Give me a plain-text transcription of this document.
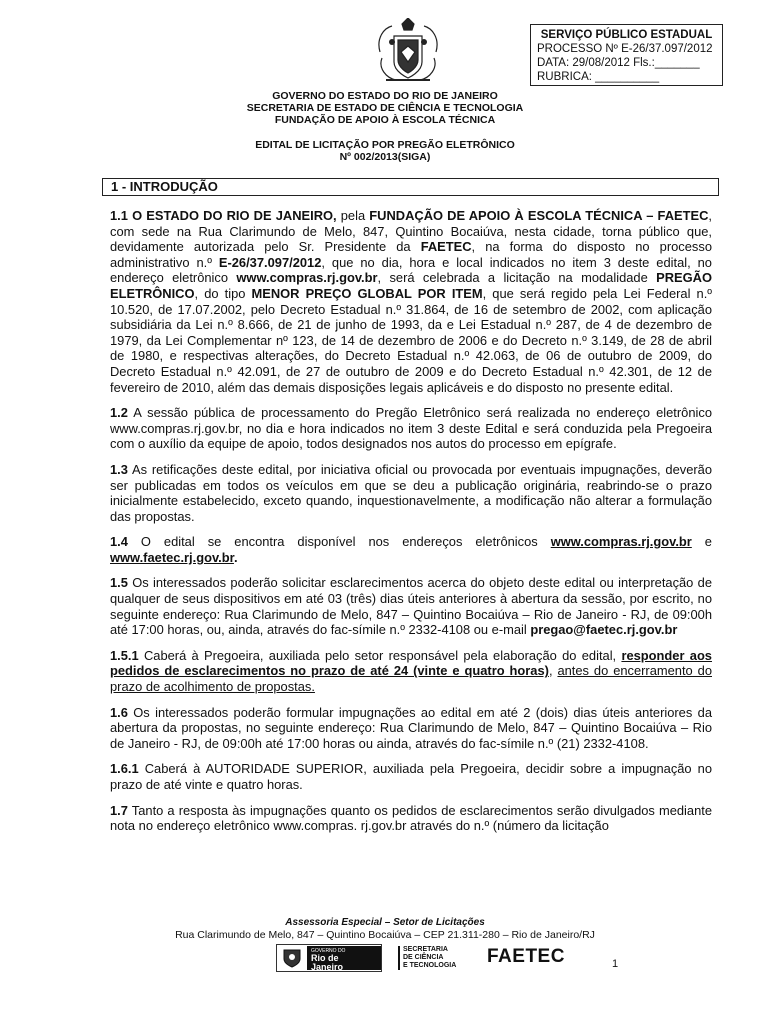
SERVIÇO PÚBLICO ESTADUAL
PROCESSO Nº E-26/37.097/2012
DATA: 29/08/2012 Fls.:_______
RUBRICA: __________
GOVERNO DO ESTADO DO RIO DE JANEIRO
SECRETARIA DE ESTADO DE CIÊNCIA E TECNOLOGIA
FUNDAÇÃO DE APOIO À ESCOLA TÉCNICA
EDITAL DE LICITAÇÃO POR PREGÃO ELETRÔNICO
Nº 002/2013(SIGA)
1 - INTRODUÇÃO

1.1 O ESTADO DO RIO DE JANEIRO, pela FUNDAÇÃO DE APOIO À ESCOLA TÉCNICA – FAETEC, com sede na Rua Clarimundo de Melo, 847, Quintino Bocaiúva, nesta cidade, torna público que, devidamente autorizada pelo Sr. Presidente da FAETEC, na forma do disposto no processo administrativo n.º E-26/37.097/2012, que no dia, hora e local indicados no item 3 deste edital, no endereço eletrônico www.compras.rj.gov.br, será celebrada a licitação na modalidade PREGÃO ELETRÔNICO, do tipo MENOR PREÇO GLOBAL POR ITEM, que será regido pela Lei Federal n.º 10.520, de 17.07.2002, pelo Decreto Estadual n.º 31.864, de 16 de setembro de 2002, com aplicação subsidiária da Lei n.º 8.666, de 21 de junho de 1993, da e Lei Estadual n.º 287, de 4 de dezembro de 1979, da Lei Complementar nº 123, de 14 de dezembro de 2006 e do Decreto n.º 3.149, de 28 de abril de 1980, e respectivas alterações, do Decreto Estadual n.º 42.063, de 06 de outubro de 2009, do Decreto Estadual n.º 42.091, de 27 de outubro de 2009 e do Decreto Estadual n.º 42.301, de 12 de fevereiro de 2010, além das demais disposições legais aplicáveis e do disposto no presente edital.

1.2 A sessão pública de processamento do Pregão Eletrônico será realizada no endereço eletrônico www.compras.rj.gov.br, no dia e hora indicados no item 3 deste Edital e será conduzida pela Pregoeira com o auxílio da equipe de apoio, todos designados nos autos do processo em epígrafe.

1.3 As retificações deste edital, por iniciativa oficial ou provocada por eventuais impugnações, deverão ser publicadas em todos os veículos em que se deu a publicação originária, reabrindo-se o prazo inicialmente estabelecido, exceto quando, inquestionavelmente, a modificação não alterar a formulação das propostas.

1.4 O edital se encontra disponível nos endereços eletrônicos www.compras.rj.gov.br e www.faetec.rj.gov.br.

1.5 Os interessados poderão solicitar esclarecimentos acerca do objeto deste edital ou interpretação de qualquer de seus dispositivos em até 03 (três) dias úteis anteriores à abertura da sessão, por escrito, no seguinte endereço: Rua Clarimundo de Melo, 847 – Quintino Bocaiúva – Rio de Janeiro - RJ, de 09:00h até 17:00 horas, ou, ainda, através do fac-símile n.º 2332-4108 ou e-mail pregao@faetec.rj.gov.br

1.5.1 Caberá à Pregoeira, auxiliada pelo setor responsável pela elaboração do edital, responder aos pedidos de esclarecimentos no prazo de até 24 (vinte e quatro horas), antes do encerramento do prazo de acolhimento de propostas.

1.6 Os interessados poderão formular impugnações ao edital em até 2 (dois) dias úteis anteriores da abertura da propostas, no seguinte endereço: Rua Clarimundo de Melo, 847 – Quintino Bocaiúva – Rio de Janeiro - RJ, de 09:00h até 17:00 horas ou ainda, através do fac-símile n.º (21) 2332-4108.

1.6.1 Caberá à AUTORIDADE SUPERIOR, auxiliada pela Pregoeira, decidir sobre a impugnação no prazo de até vinte e quatro horas.

1.7 Tanto a resposta às impugnações quanto os pedidos de esclarecimentos serão divulgados mediante nota no endereço eletrônico www.compras. rj.gov.br através do n.º (número da licitação

Assessoria Especial – Setor de Licitações
Rua Clarimundo de Melo, 847 – Quintino Bocaiúva – CEP 21.311-280 – Rio de Janeiro/RJ
GOVERNO DO
Rio de
Janeiro
SECRETARIA
DE CIÊNCIA
E TECNOLOGIA FAETEC	1
